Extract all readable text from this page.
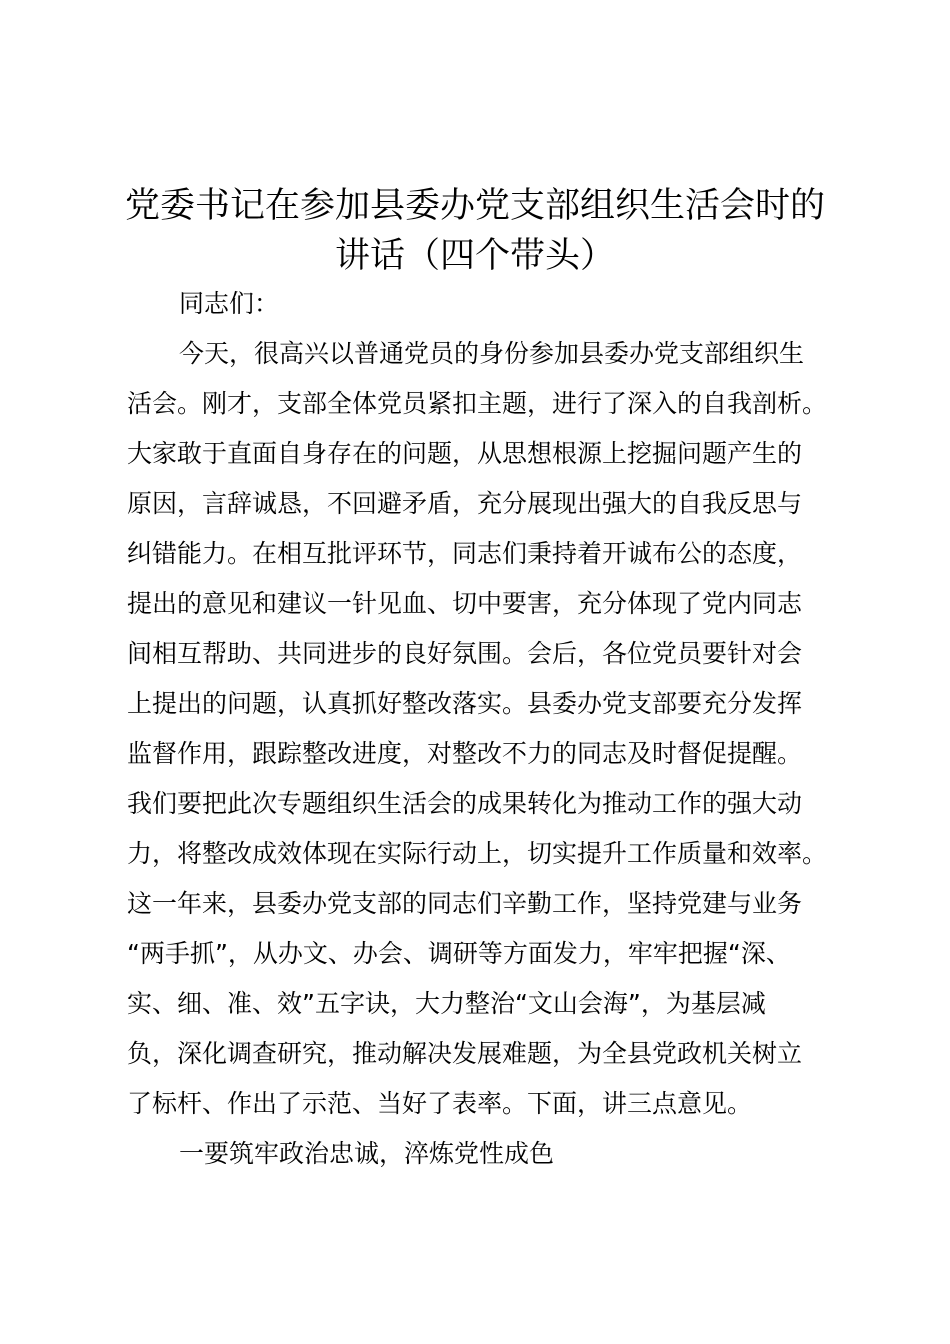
党委书记在参加县委办党支部组织生活会时的
讲话（四个带头）

同志们：

今天，很高兴以普通党员的身份参加县委办党支部组织生
活会。刚才，支部全体党员紧扣主题，进行了深入的自我剖析。
大家敢于直面自身存在的问题，从思想根源上挖掘问题产生的
原因，言辞诚恳，不回避矛盾，充分展现出强大的自我反思与
纠错能力。在相互批评环节，同志们秉持着开诚布公的态度，
提出的意见和建议一针见血、切中要害，充分体现了党内同志
间相互帮助、共同进步的良好氛围。会后，各位党员要针对会
上提出的问题，认真抓好整改落实。县委办党支部要充分发挥
监督作用，跟踪整改进度，对整改不力的同志及时督促提醒。
我们要把此次专题组织生活会的成果转化为推动工作的强大动
力，将整改成效体现在实际行动上，切实提升工作质量和效率。
这一年来，县委办党支部的同志们辛勤工作，坚持党建与业务
“两手抓”，从办文、办会、调研等方面发力，牢牢把握“深、
实、细、准、效”五字诀，大力整治“文山会海”，为基层减
负，深化调查研究，推动解决发展难题，为全县党政机关树立
了标杆、作出了示范、当好了表率。下面，讲三点意见。

一要筑牢政治忠诚，淬炼党性成色
